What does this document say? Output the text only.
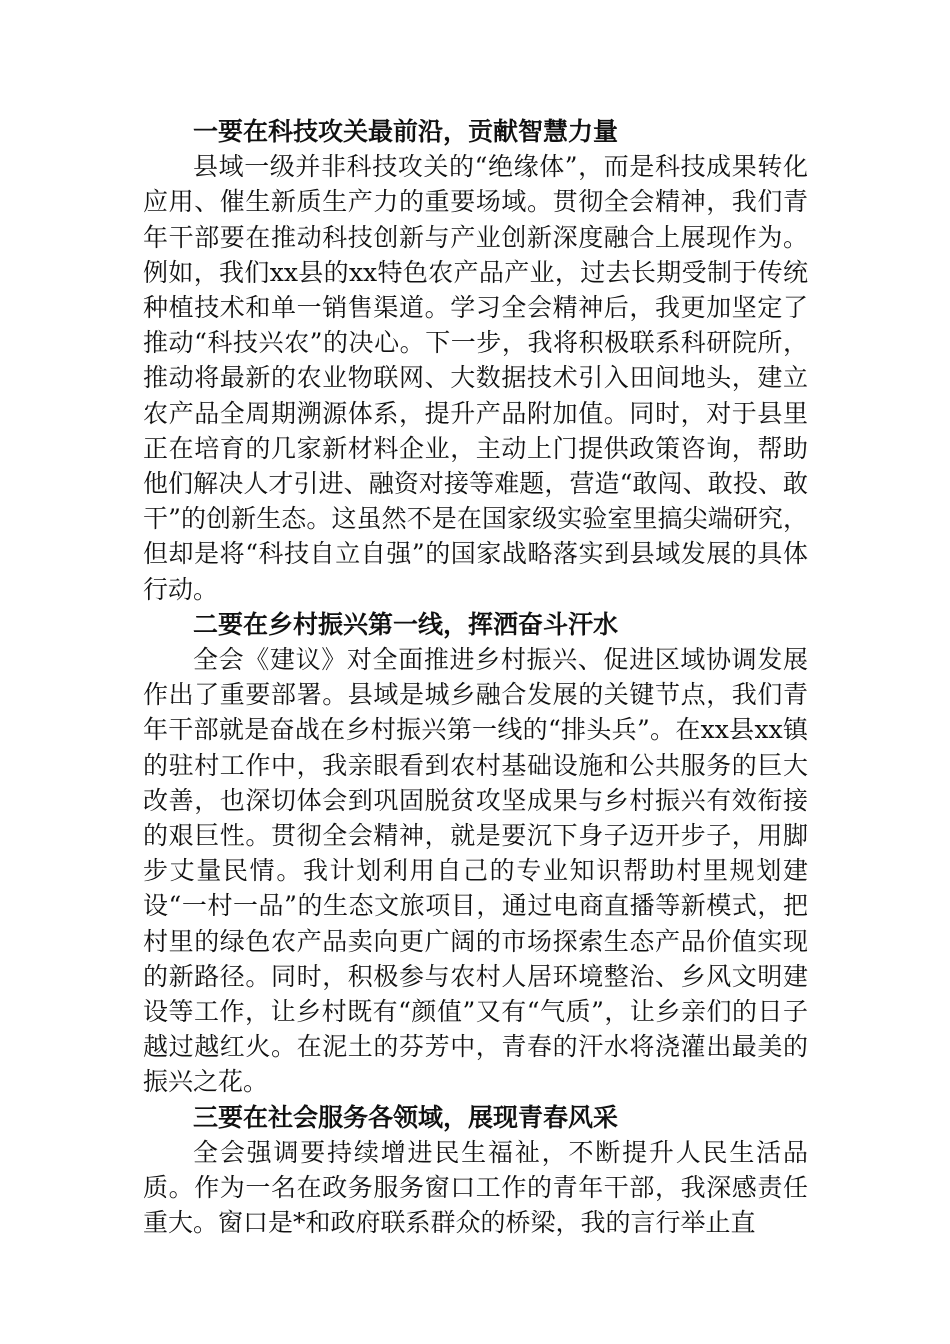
一要在科技攻关最前沿，贡献智慧力量

县域一级并非科技攻关的“绝缘体”，而是科技成果转化应用、催生新质生产力的重要场域。贯彻全会精神，我们青年干部要在推动科技创新与产业创新深度融合上展现作为。例如，我们xx县的xx特色农产品产业，过去长期受制于传统种植技术和单一销售渠道。学习全会精神后，我更加坚定了推动“科技兴农”的决心。下一步，我将积极联系科研院所，推动将最新的农业物联网、大数据技术引入田间地头，建立农产品全周期溯源体系，提升产品附加值。同时，对于县里正在培育的几家新材料企业，主动上门提供政策咨询，帮助他们解决人才引进、融资对接等难题，营造“敢闯、敢投、敢干”的创新生态。这虽然不是在国家级实验室里搞尖端研究，但却是将“科技自立自强”的国家战略落实到县域发展的具体行动。

二要在乡村振兴第一线，挥洒奋斗汗水

全会《建议》对全面推进乡村振兴、促进区域协调发展作出了重要部署。县域是城乡融合发展的关键节点，我们青年干部就是奋战在乡村振兴第一线的“排头兵”。在xx县xx镇的驻村工作中，我亲眼看到农村基础设施和公共服务的巨大改善，也深切体会到巩固脱贫攻坚成果与乡村振兴有效衔接的艰巨性。贯彻全会精神，就是要沉下身子迈开步子，用脚步丈量民情。我计划利用自己的专业知识帮助村里规划建设“一村一品”的生态文旅项目，通过电商直播等新模式，把村里的绿色农产品卖向更广阔的市场探索生态产品价值实现的新路径。同时，积极参与农村人居环境整治、乡风文明建设等工作，让乡村既有“颜值”又有“气质”，让乡亲们的日子越过越红火。在泥土的芬芳中，青春的汗水将浇灌出最美的振兴之花。

三要在社会服务各领域，展现青春风采

全会强调要持续增进民生福祉，不断提升人民生活品质。作为一名在政务服务窗口工作的青年干部，我深感责任重大。窗口是*和政府联系群众的桥梁，我的言行举止直
